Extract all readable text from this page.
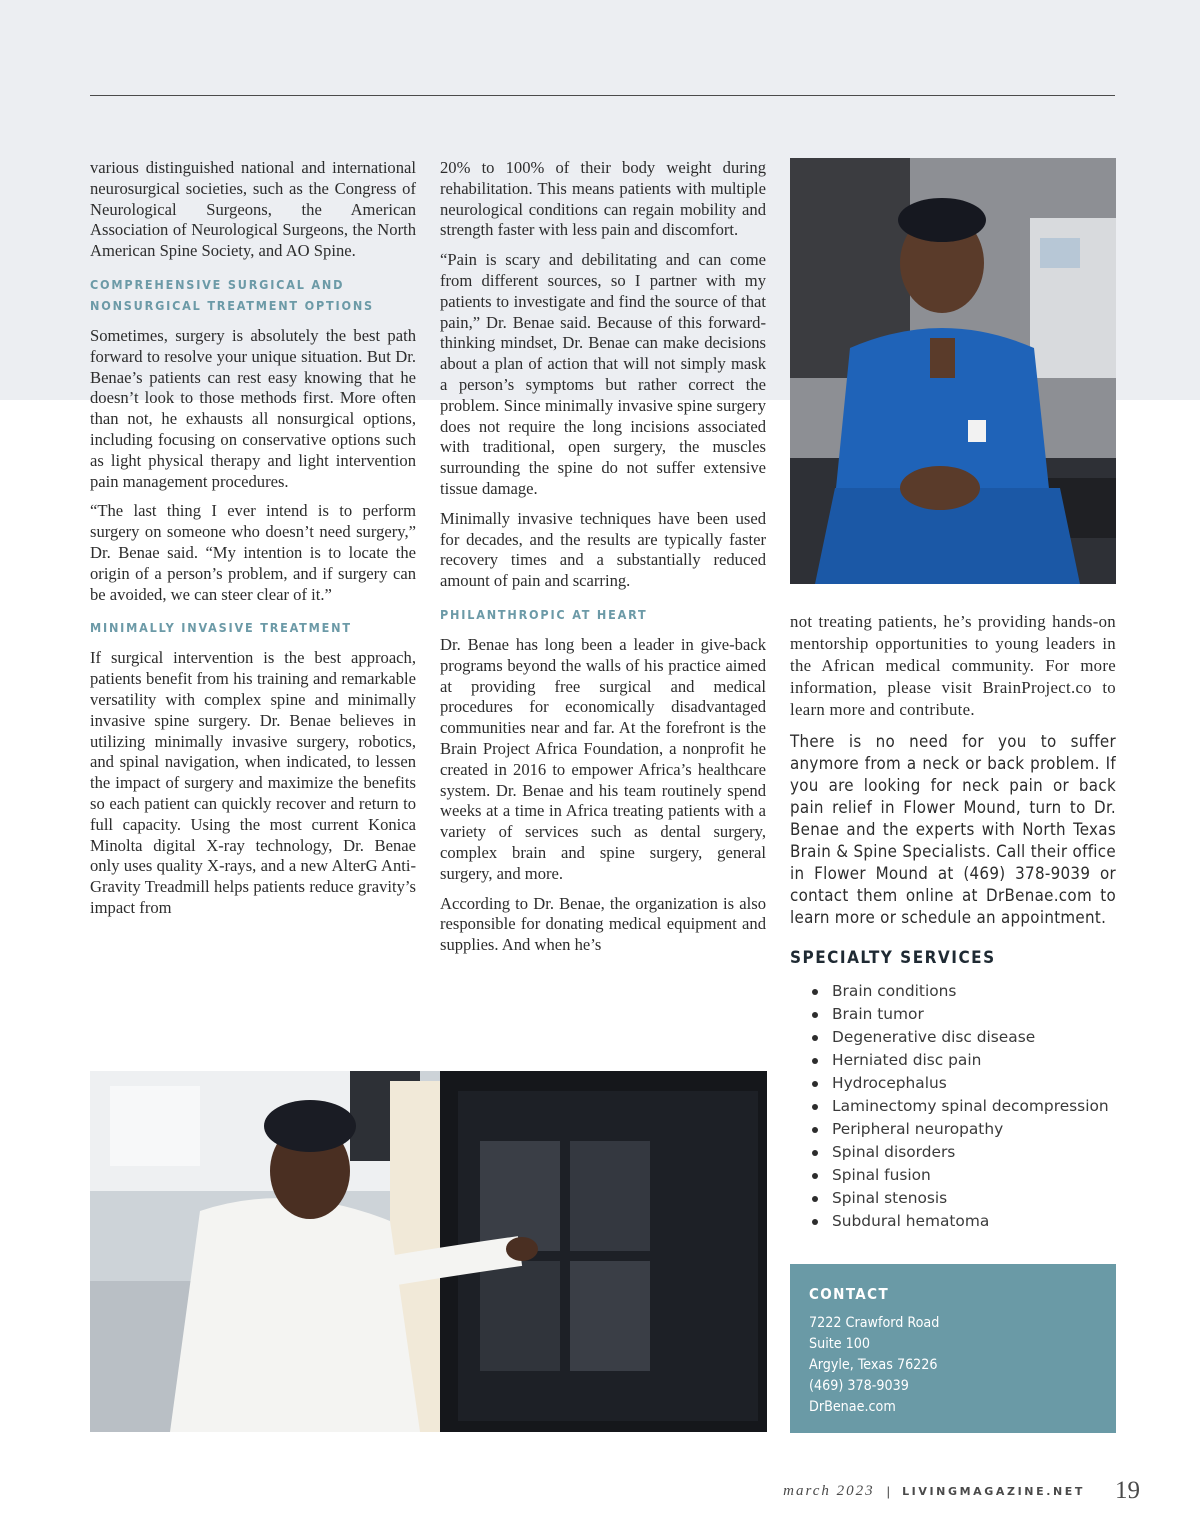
various distinguished national and international neurosurgical societies, such as the Congress of Neurological Surgeons, the American Association of Neurological Surgeons, the North American Spine Society, and AO Spine.

COMPREHENSIVE SURGICAL AND NONSURGICAL TREATMENT OPTIONS

Sometimes, surgery is absolutely the best path forward to resolve your unique situation. But Dr. Benae’s patients can rest easy knowing that he doesn’t look to those methods first. More often than not, he exhausts all nonsurgical options, including focusing on conservative options such as light physical therapy and light intervention pain management procedures.

“The last thing I ever intend is to perform surgery on someone who doesn’t need surgery,” Dr. Benae said. “My intention is to locate the origin of a person’s problem, and if surgery can be avoided, we can steer clear of it.”

MINIMALLY INVASIVE TREATMENT

If surgical intervention is the best approach, patients benefit from his training and remarkable versatility with complex spine and minimally invasive spine surgery. Dr. Benae believes in utilizing minimally invasive surgery, robotics, and spinal navigation, when indicated, to lessen the impact of surgery and maximize the benefits so each patient can quickly recover and return to full capacity. Using the most current Konica Minolta digital X-ray technology, Dr. Benae only uses quality X-rays, and a new AlterG Anti-Gravity Treadmill helps patients reduce gravity’s impact from

20% to 100% of their body weight during rehabilitation. This means patients with multiple neurological conditions can regain mobility and strength faster with less pain and discomfort.

“Pain is scary and debilitating and can come from different sources, so I partner with my patients to investigate and find the source of that pain,” Dr. Benae said. Because of this forward-thinking mindset, Dr. Benae can make decisions about a plan of action that will not simply mask a person’s symptoms but rather correct the problem. Since minimally invasive spine surgery does not require the long incisions associated with traditional, open surgery, the muscles surrounding the spine do not suffer extensive tissue damage.

Minimally invasive techniques have been used for decades, and the results are typically faster recovery times and a substantially reduced amount of pain and scarring.

PHILANTHROPIC AT HEART

Dr. Benae has long been a leader in give-back programs beyond the walls of his practice aimed at providing free surgical and medical procedures for economically disadvantaged communities near and far. At the forefront is the Brain Project Africa Foundation, a nonprofit he created in 2016 to empower Africa’s healthcare system. Dr. Benae and his team routinely spend weeks at a time in Africa treating patients with a variety of services such as dental surgery, complex brain and spine surgery, general surgery, and more.

According to Dr. Benae, the organization is also responsible for donating medical equipment and supplies. And when he’s

not treating patients, he’s providing hands-on mentorship opportunities to young leaders in the African medical community. For more information, please visit BrainProject.co to learn more and contribute.

There is no need for you to suffer anymore from a neck or back problem. If you are looking for neck pain or back pain relief in Flower Mound, turn to Dr. Benae and the experts with North Texas Brain & Spine Specialists. Call their office in Flower Mound at (469) 378-9039 or contact them online at DrBenae.com to learn more or schedule an appointment.

SPECIALTY SERVICES
Brain conditions
Brain tumor
Degenerative disc disease
Herniated disc pain
Hydrocephalus
Laminectomy spinal decompression
Peripheral neuropathy
Spinal disorders
Spinal fusion
Spinal stenosis
Subdural hematoma
CONTACT
7222 Crawford Road
Suite 100
Argyle, Texas 76226
(469) 378-9039
DrBenae.com
march 2023 | LIVINGMAGAZINE.NET 19
